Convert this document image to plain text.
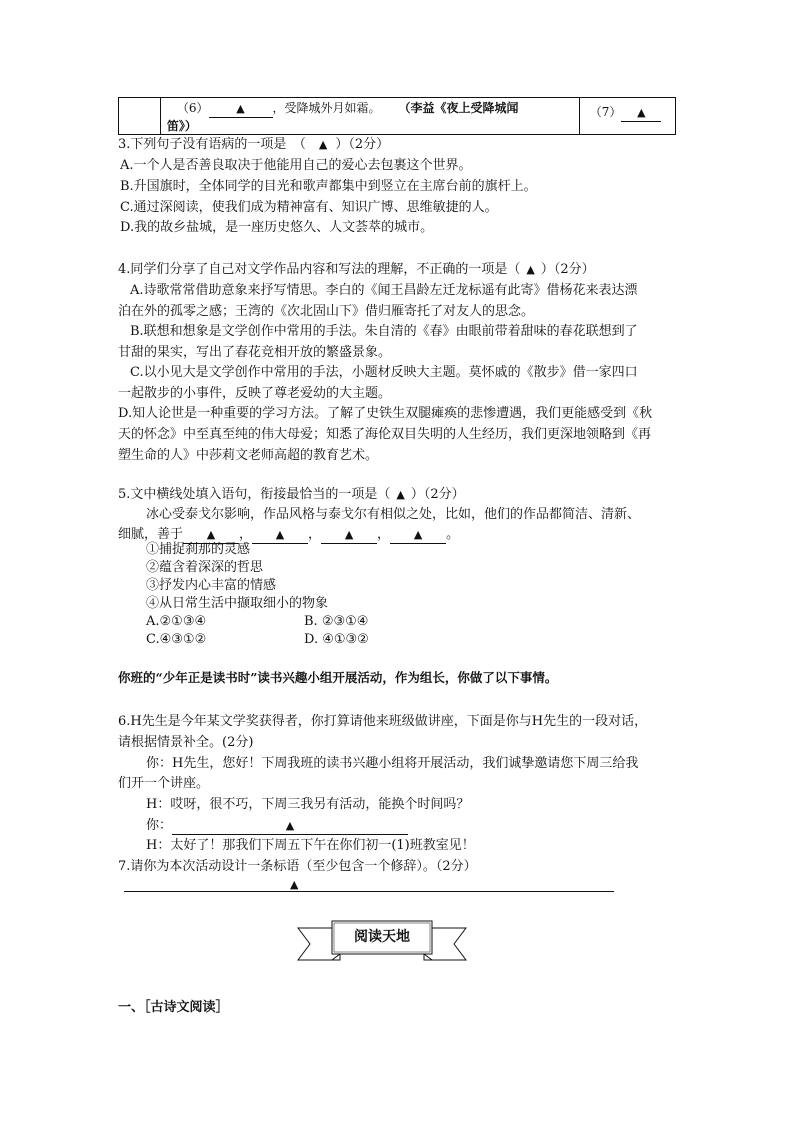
（6）	▲ ，受降城外月如霜。 （李益《夜上受降城闻
笛》）
	（7） ▲
3.下列句子没有语病的一项是　（　▲ ）（2分）
A.一个人是否善良取决于他能用自己的爱心去包裹这个世界。
B.升国旗时，全体同学的目光和歌声都集中到竖立在主席台前的旗杆上。
C.通过深阅读，使我们成为精神富有、知识广博、思维敏捷的人。
D.我的故乡盐城，是一座历史悠久、人文荟萃的城市。
4.同学们分享了自己对文学作品内容和写法的理解，不正确的一项是（ ▲ ）（2分）
A.诗歌常常借助意象来抒写情思。李白的《闻王昌龄左迁龙标遥有此寄》借杨花来表达漂
泊在外的孤零之感；王湾的《次北固山下》借归雁寄托了对友人的思念。
B.联想和想象是文学创作中常用的手法。朱自清的《春》由眼前带着甜味的春花联想到了
甘甜的果实，写出了春花竞相开放的繁盛景象。
C.以小见大是文学创作中常用的手法，小题材反映大主题。莫怀戚的《散步》借一家四口
一起散步的小事件，反映了尊老爱幼的大主题。
D.知人论世是一种重要的学习方法。了解了史铁生双腿瘫痪的悲惨遭遇，我们更能感受到《秋
天的怀念》中至真至纯的伟大母爱；知悉了海伦双目失明的人生经历，我们更深地领略到《再
塑生命的人》中莎莉文老师高超的教育艺术。
5.文中横线处填入语句，衔接最恰当的一项是（ ▲ ）（2分）
冰心受泰戈尔影响，作品风格与泰戈尔有相似之处，比如，他们的作品都简洁、清新、
细腻，善于 ▲ ， ▲ ， ▲ ， ▲ 。
①捕捉刹那的灵感
②蕴含着深深的哲思
③抒发内心丰富的情感
④从日常生活中撷取细小的物象
A.②①③④	B. ②③①④
C.④③①②	D. ④①③②
你班的“少年正是读书时”读书兴趣小组开展活动，作为组长，你做了以下事情。
6.H先生是今年某文学奖获得者，你打算请他来班级做讲座，下面是你与H先生的一段对话，
请根据情景补全。(2分)
你：H先生，您好！下周我班的读书兴趣小组将开展活动，我们诚挚邀请您下周三给我
们开一个讲座。
H：哎呀，很不巧，下周三我另有活动，能换个时间吗？
你：	▲
H：太好了！那我们下周五下午在你们初一(1)班教室见！
7.请你为本次活动设计一条标语（至少包含一个修辞）。（2分）
▲
阅读天地
一、［古诗文阅读］
